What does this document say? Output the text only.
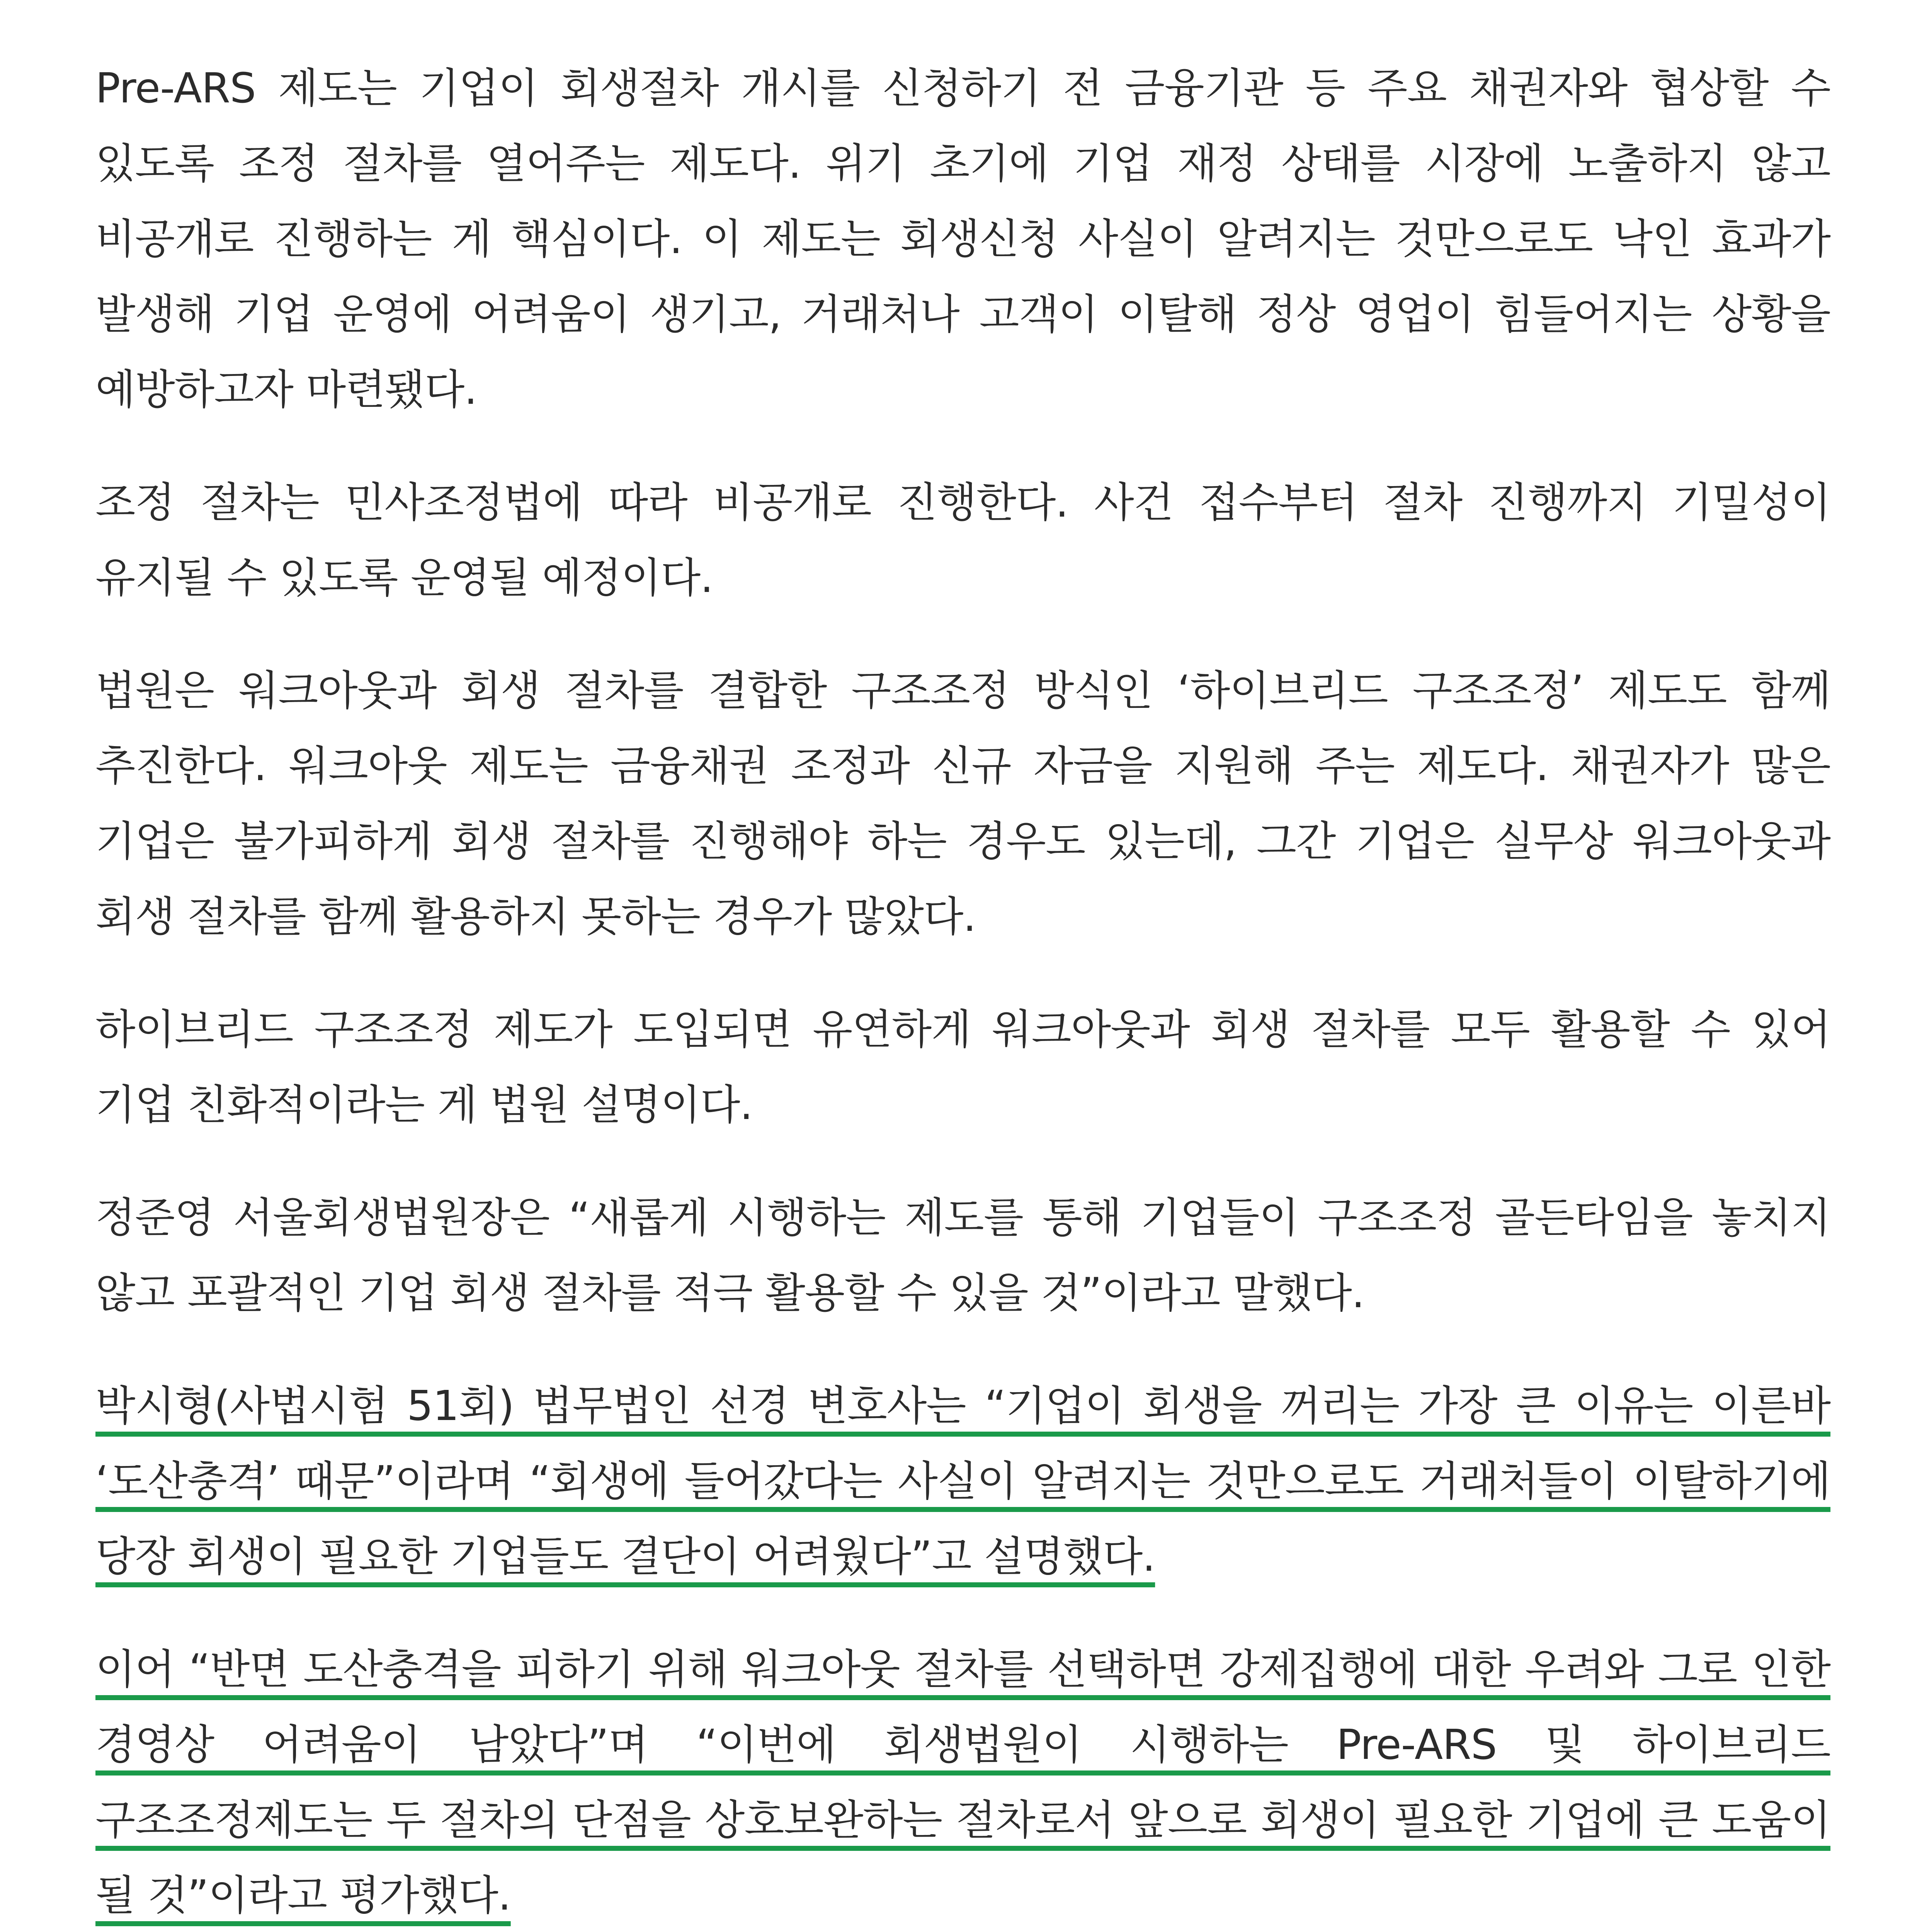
Pre-ARS 제도는 기업이 회생절차 개시를 신청하기 전 금융기관 등 주요 채권자와 협상할 수 있도록 조정 절차를 열어주는 제도다. 위기 초기에 기업 재정 상태를 시장에 노출하지 않고 비공개로 진행하는 게 핵심이다. 이 제도는 회생신청 사실이 알려지는 것만으로도 낙인 효과가 발생해 기업 운영에 어려움이 생기고, 거래처나 고객이 이탈해 정상 영업이 힘들어지는 상황을 예방하고자 마련됐다.

조정 절차는 민사조정법에 따라 비공개로 진행한다. 사건 접수부터 절차 진행까지 기밀성이 유지될 수 있도록 운영될 예정이다.

법원은 워크아웃과 회생 절차를 결합한 구조조정 방식인 ‘하이브리드 구조조정’ 제도도 함께 추진한다. 워크아웃 제도는 금융채권 조정과 신규 자금을 지원해 주는 제도다. 채권자가 많은 기업은 불가피하게 회생 절차를 진행해야 하는 경우도 있는데, 그간 기업은 실무상 워크아웃과 회생 절차를 함께 활용하지 못하는 경우가 많았다.

하이브리드 구조조정 제도가 도입되면 유연하게 워크아웃과 회생 절차를 모두 활용할 수 있어 기업 친화적이라는 게 법원 설명이다.

정준영 서울회생법원장은 “새롭게 시행하는 제도를 통해 기업들이 구조조정 골든타임을 놓치지 않고 포괄적인 기업 회생 절차를 적극 활용할 수 있을 것”이라고 말했다.

박시형(사법시험 51회) 법무법인 선경 변호사는 “기업이 회생을 꺼리는 가장 큰 이유는 이른바 ‘도산충격’ 때문”이라며 “회생에 들어갔다는 사실이 알려지는 것만으로도 거래처들이 이탈하기에 당장 회생이 필요한 기업들도 결단이 어려웠다”고 설명했다.

이어 “반면 도산충격을 피하기 위해 워크아웃 절차를 선택하면 강제집행에 대한 우려와 그로 인한 경영상 어려움이 남았다”며 “이번에 회생법원이 시행하는 Pre-ARS 및 하이브리드 구조조정제도는 두 절차의 단점을 상호보완하는 절차로서 앞으로 회생이 필요한 기업에 큰 도움이 될 것”이라고 평가했다.
